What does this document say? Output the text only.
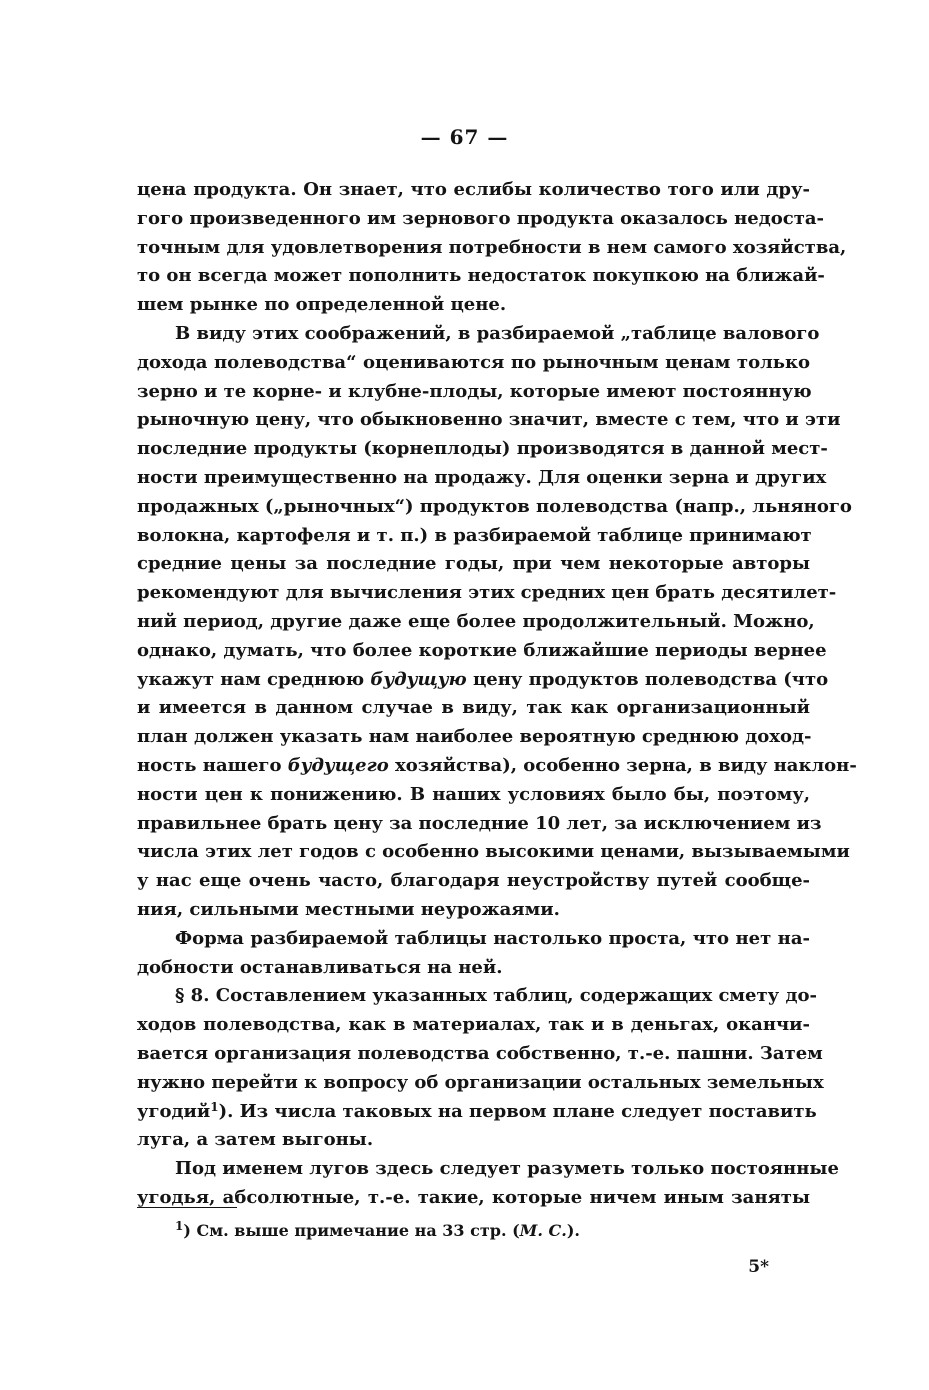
— 67 —
цена продукта. Он знает, что еслибы количество того или дру-
гого произведенного им зернового продукта оказалось недоста-
точным для удовлетворения потребности в нем самого хозяйства,
то он всегда может пополнить недостаток покупкою на ближай-
шем рынке по определенной цене.
В виду этих соображений, в разбираемой „таблице валового
дохода полеводства“ оцениваются по рыночным ценам только
зерно и те корне- и клубне-плоды, которые имеют постоянную
рыночную цену, что обыкновенно значит, вместе с тем, что и эти
последние продукты (корнеплоды) производятся в данной мест-
ности преимущественно на продажу. Для оценки зерна и других
продажных („рыночных“) продуктов полеводства (напр., льняного
волокна, картофеля и т. п.) в разбираемой таблице принимают
средние цены за последние годы, при чем некоторые авторы
рекомендуют для вычисления этих средних цен брать десятилет-
ний период, другие даже еще более продолжительный. Можно,
однако, думать, что более короткие ближайшие периоды вернее
укажут нам среднюю будущую цену продуктов полеводства (что
и имеется в данном случае в виду, так как организационный
план должен указать нам наиболее вероятную среднюю доход-
ность нашего будущего хозяйства), особенно зерна, в виду наклон-
ности цен к понижению. В наших условиях было бы, поэтому,
правильнее брать цену за последние 10 лет, за исключением из
числа этих лет годов с особенно высокими ценами, вызываемыми
у нас еще очень часто, благодаря неустройству путей сообще-
ния, сильными местными неурожаями.
Форма разбираемой таблицы настолько проста, что нет на-
добности останавливаться на ней.
§ 8. Составлением указанных таблиц, содержащих смету до-
ходов полеводства, как в материалах, так и в деньгах, оканчи-
вается организация полеводства собственно, т.-е. пашни. Затем
нужно перейти к вопросу об организации остальных земельных
угодий$^1$). Из числа таковых на первом плане следует поставить
луга, а затем выгоны.
Под именем лугов здесь следует разуметь только постоянные
угодья, абсолютные, т.-е. такие, которые ничем иным заняты
$^1$) См. выше примечание на 33 стр. (М. С.).
5*
